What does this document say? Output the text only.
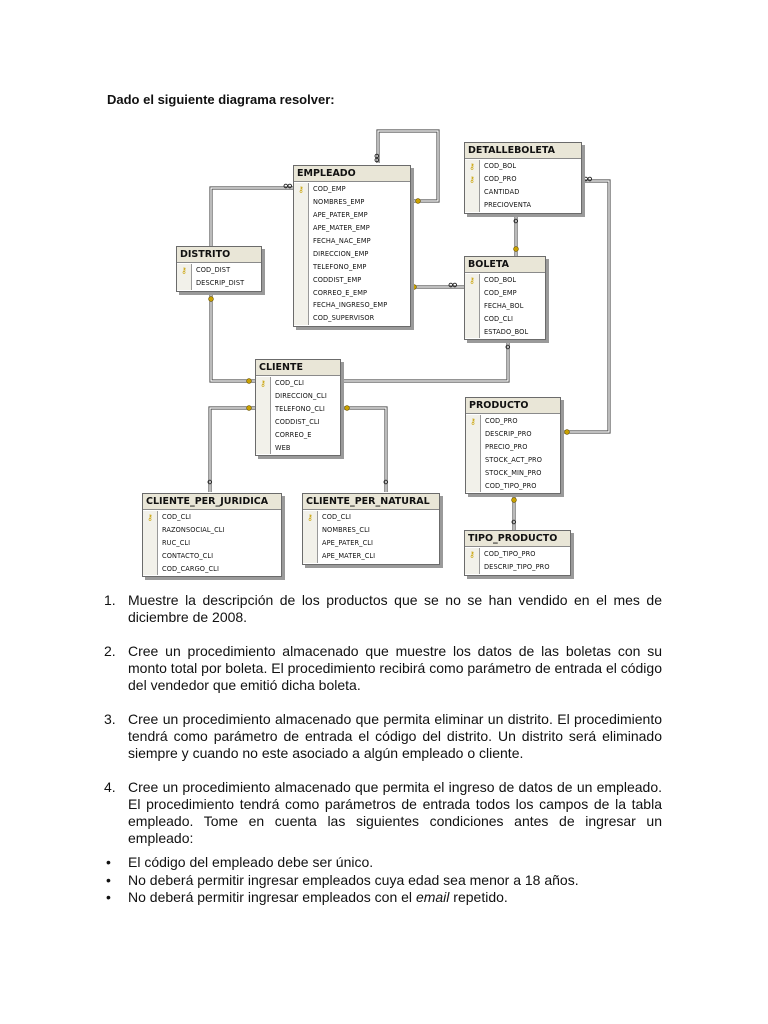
Dado el siguiente diagrama resolver:
EMPLEADO
⚷	COD_EMP
NOMBRES_EMP
APE_PATER_EMP
APE_MATER_EMP
FECHA_NAC_EMP
DIRECCION_EMP
TELEFONO_EMP
CODDIST_EMP
CORREO_E_EMP
FECHA_INGRESO_EMP
COD_SUPERVISOR
DETALLEBOLETA
⚷	COD_BOL
⚷	COD_PRO
CANTIDAD
PRECIOVENTA
DISTRITO
⚷	COD_DIST
DESCRIP_DIST
BOLETA
⚷	COD_BOL
COD_EMP
FECHA_BOL
COD_CLI
ESTADO_BOL
CLIENTE
⚷	COD_CLI
DIRECCION_CLI
TELEFONO_CLI
CODDIST_CLI
CORREO_E
WEB
PRODUCTO
⚷	COD_PRO
DESCRIP_PRO
PRECIO_PRO
STOCK_ACT_PRO
STOCK_MIN_PRO
COD_TIPO_PRO
CLIENTE_PER_JURIDICA
⚷	COD_CLI
RAZONSOCIAL_CLI
RUC_CLI
CONTACTO_CLI
COD_CARGO_CLI
CLIENTE_PER_NATURAL
⚷	COD_CLI
NOMBRES_CLI
APE_PATER_CLI
APE_MATER_CLI
TIPO_PRODUCTO
⚷	COD_TIPO_PRO
DESCRIP_TIPO_PRO
1. Muestre la descripción de los productos que se no se han vendido en el mes de diciembre de 2008.
2. Cree un procedimiento almacenado que muestre los datos de las boletas con su monto total por boleta. El procedimiento recibirá como parámetro de entrada el código del vendedor que emitió dicha boleta.
3. Cree un procedimiento almacenado que permita eliminar un distrito. El procedimiento tendrá como parámetro de entrada el código del distrito. Un distrito será eliminado siempre y cuando no este asociado a algún empleado o cliente.
4. Cree un procedimiento almacenado que permita el ingreso de datos de un empleado. El procedimiento tendrá como parámetros de entrada todos los campos de la tabla empleado. Tome en cuenta las siguientes condiciones antes de ingresar un empleado:
• El código del empleado debe ser único.
• No deberá permitir ingresar empleados cuya edad sea menor a 18 años.
• No deberá permitir ingresar empleados con el email repetido.
